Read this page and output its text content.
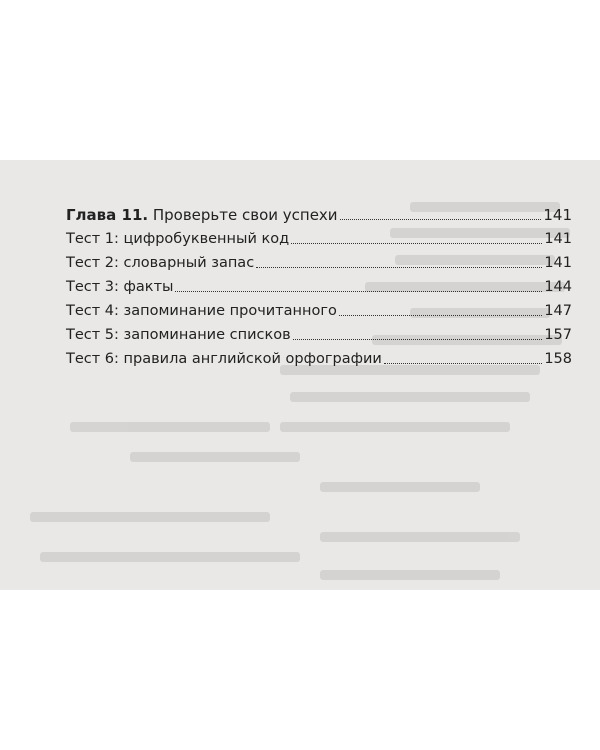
Глава 11. Проверьте свои успехи	141
Тест 1: цифробуквенный код	141
Тест 2: словарный запас	141
Тест 3: факты	144
Тест 4: запоминание прочитанного	147
Тест 5: запоминание списков	157
Тест 6: правила английской орфографии	158
